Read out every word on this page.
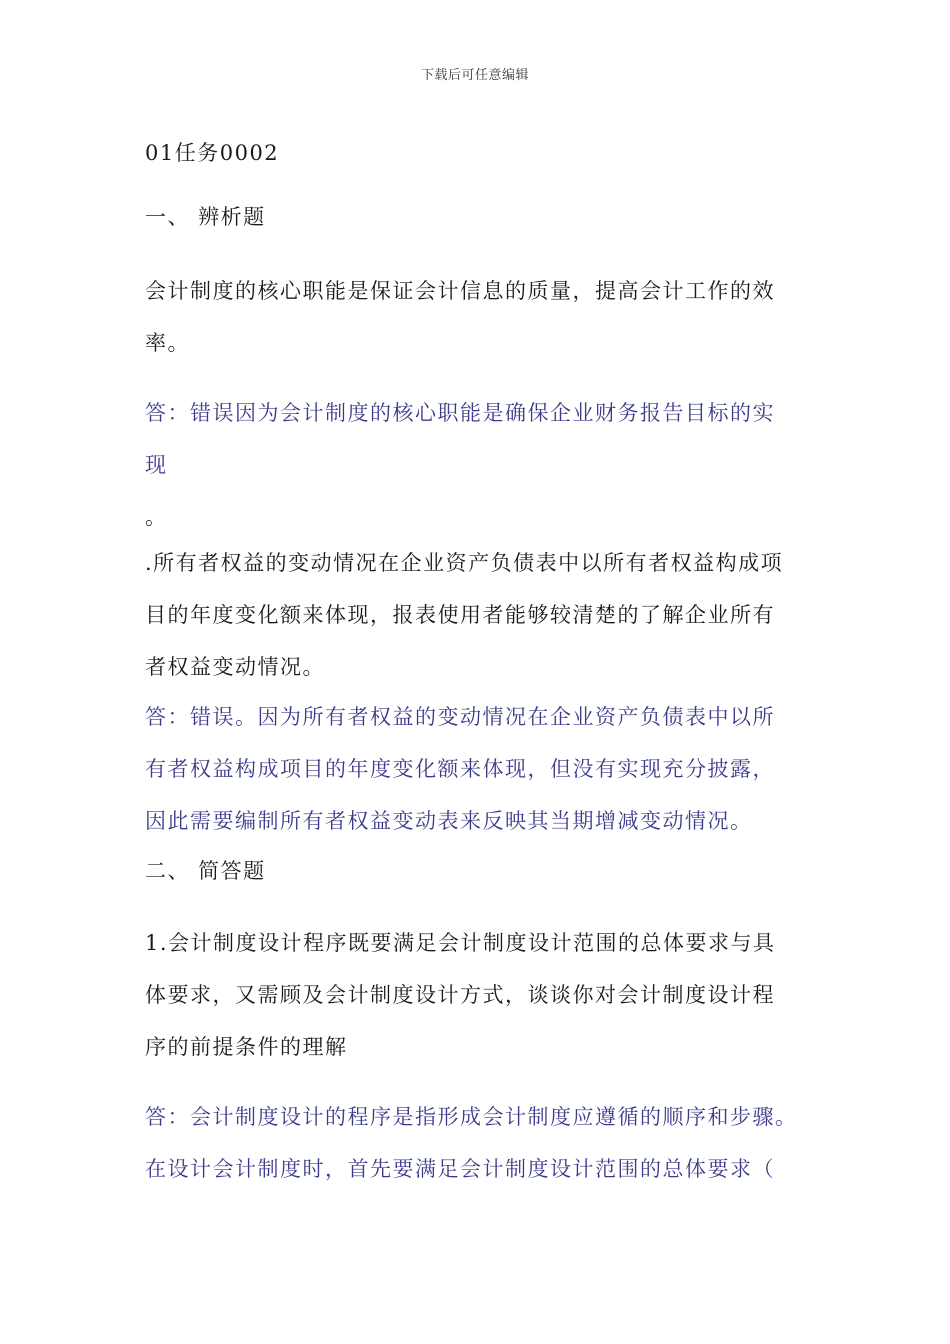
下载后可任意编辑
01任务0002
一、 辨析题
会计制度的核心职能是保证会计信息的质量，提高会计工作的效
率。
答：错误因为会计制度的核心职能是确保企业财务报告目标的实
现
。
.所有者权益的变动情况在企业资产负债表中以所有者权益构成项
目的年度变化额来体现，报表使用者能够较清楚的了解企业所有
者权益变动情况。
答：错误。因为所有者权益的变动情况在企业资产负债表中以所
有者权益构成项目的年度变化额来体现，但没有实现充分披露，
因此需要编制所有者权益变动表来反映其当期增减变动情况。
二、 简答题
1.会计制度设计程序既要满足会计制度设计范围的总体要求与具
体要求，又需顾及会计制度设计方式，谈谈你对会计制度设计程
序的前提条件的理解
答：会计制度设计的程序是指形成会计制度应遵循的顺序和步骤。
在设计会计制度时，首先要满足会计制度设计范围的总体要求（
